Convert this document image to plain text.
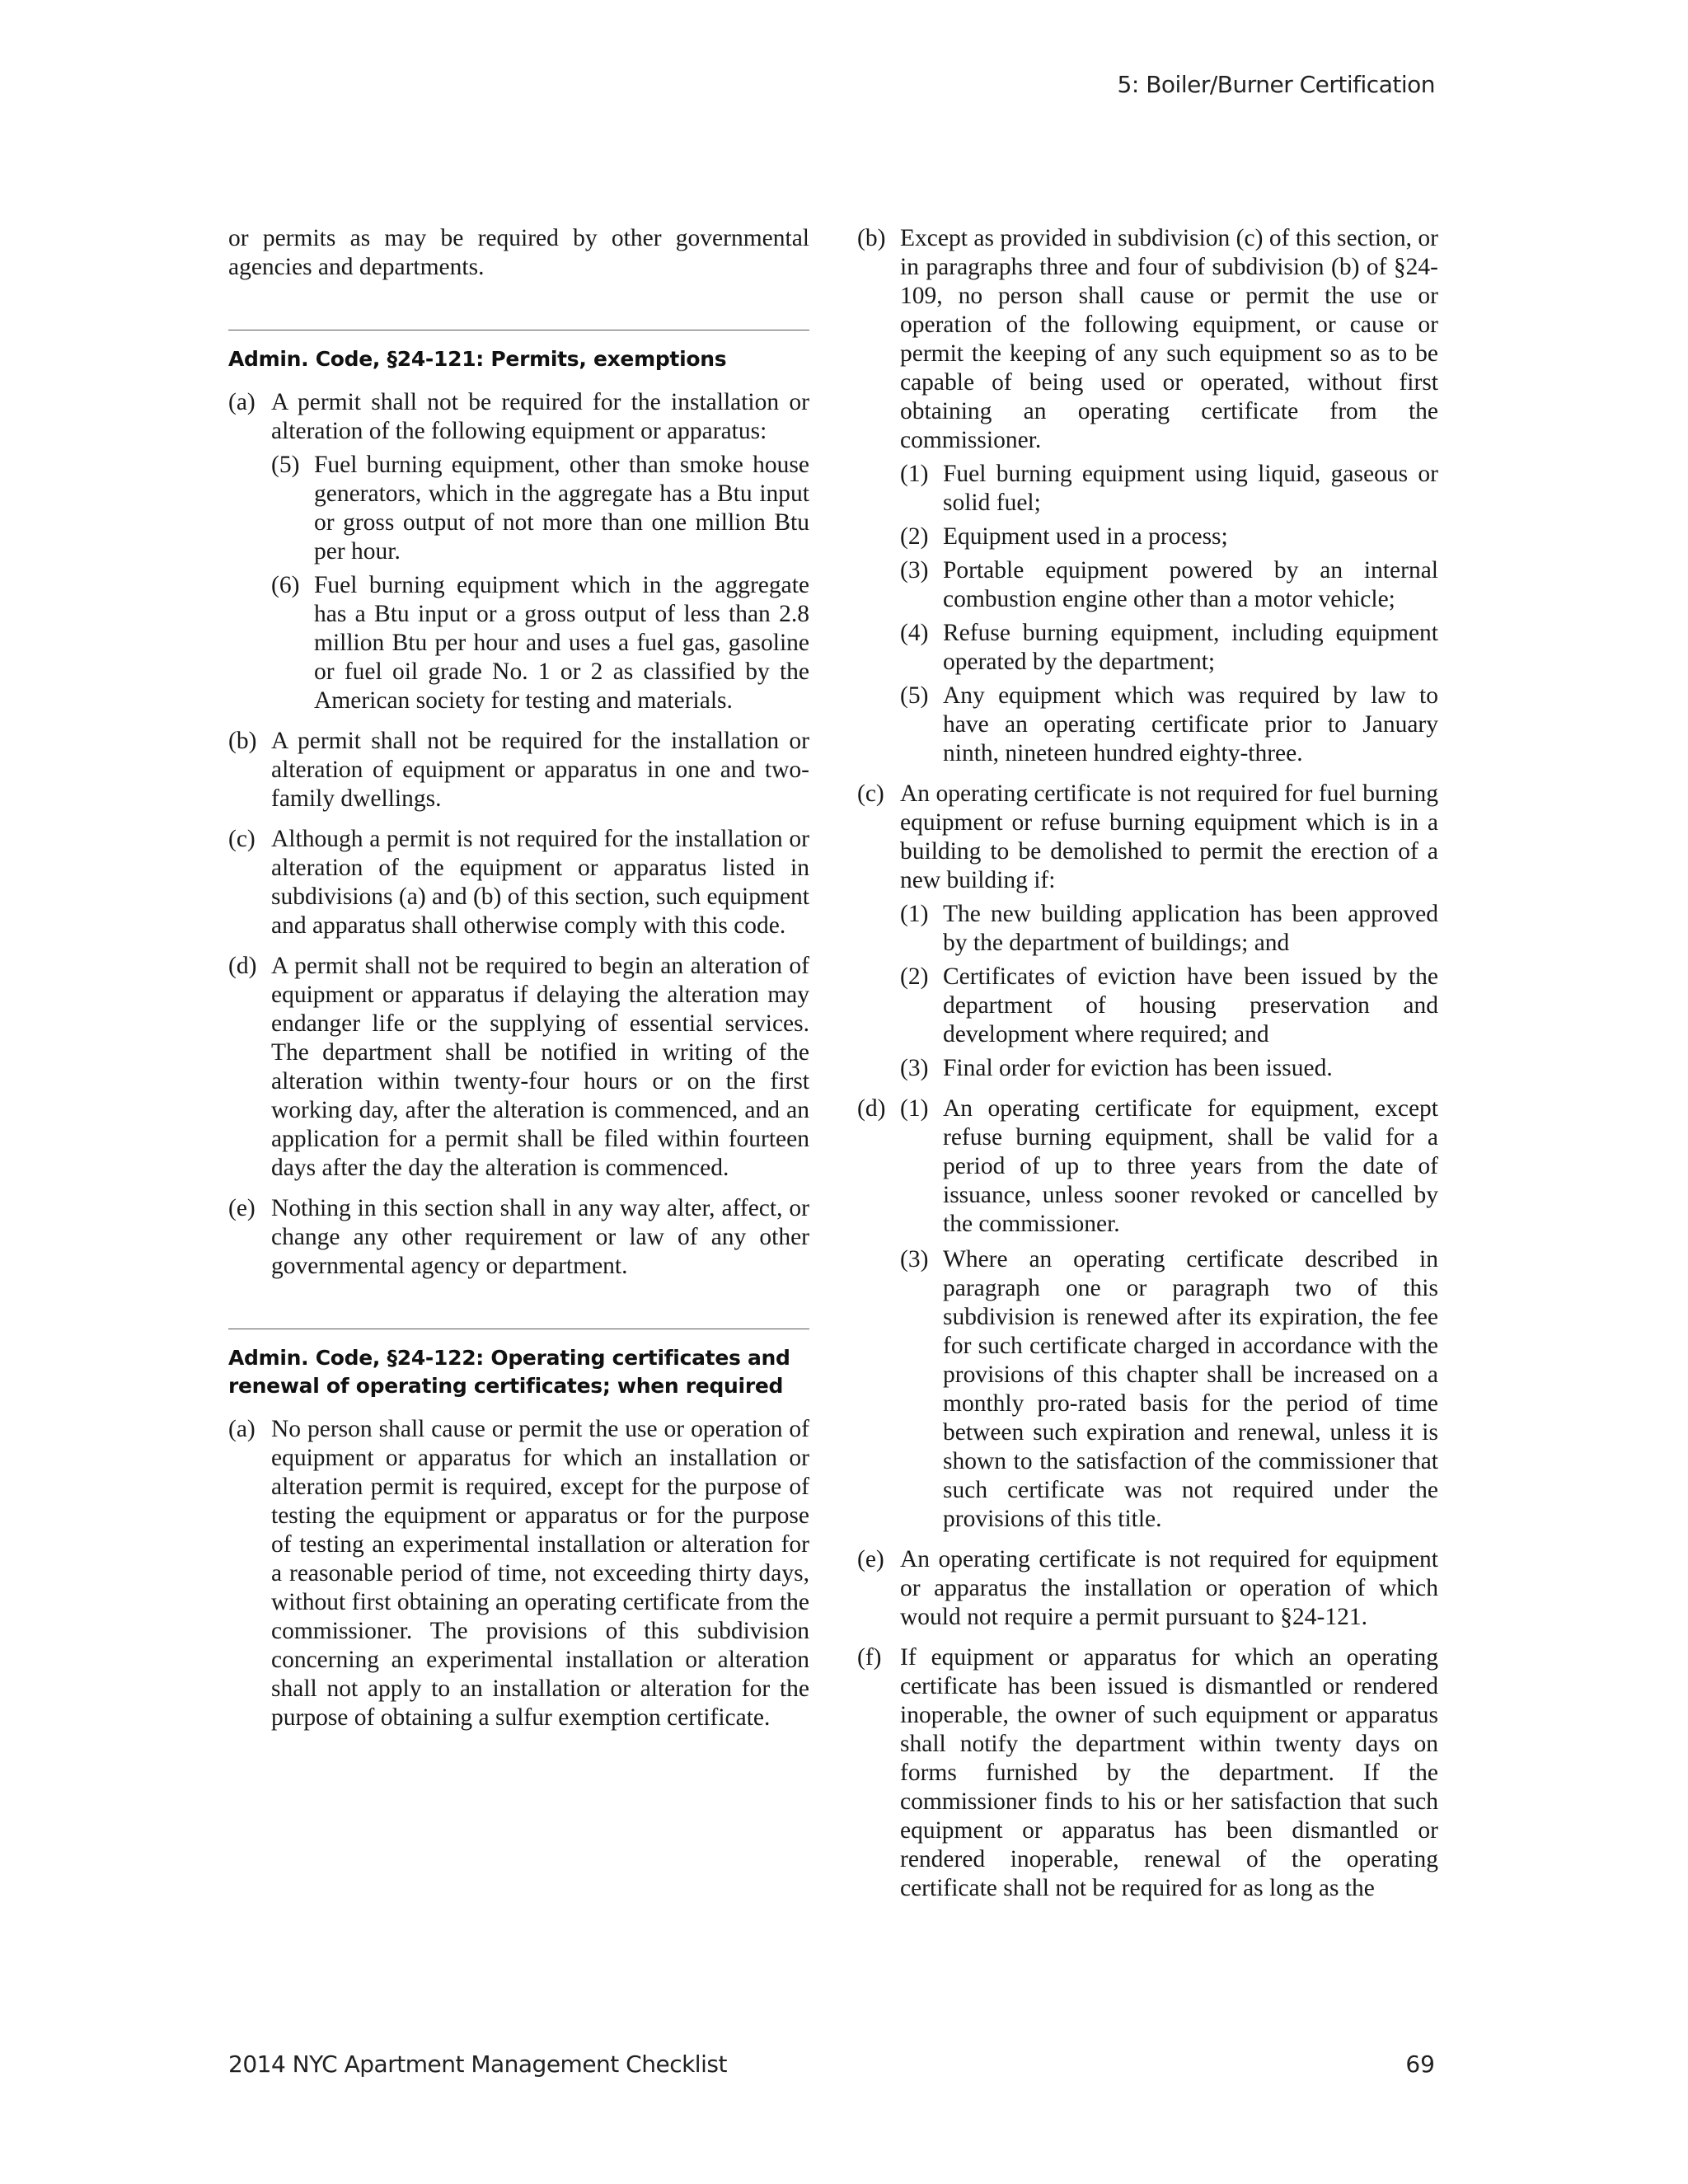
5: Boiler/Burner Certification

or permits as may be required by other governmental agencies and departments.

Admin. Code, §24-121: Permits, exemptions
(a) A permit shall not be required for the installation or alteration of the following equipment or apparatus:
(5) Fuel burning equipment, other than smoke house generators, which in the aggregate has a Btu input or gross output of not more than one million Btu per hour.
(6) Fuel burning equipment which in the aggregate has a Btu input or a gross output of less than 2.8 million Btu per hour and uses a fuel gas, gasoline or fuel oil grade No. 1 or 2 as classified by the American society for testing and materials.
(b) A permit shall not be required for the installation or alteration of equipment or apparatus in one and two-family dwellings.
(c) Although a permit is not required for the installation or alteration of the equipment or apparatus listed in subdivisions (a) and (b) of this section, such equipment and apparatus shall otherwise comply with this code.
(d) A permit shall not be required to begin an alteration of equipment or apparatus if delaying the alteration may endanger life or the supplying of essential services. The department shall be notified in writing of the alteration within twenty-four hours or on the first working day, after the alteration is commenced, and an application for a permit shall be filed within fourteen days after the day the alteration is commenced.
(e) Nothing in this section shall in any way alter, affect, or change any other requirement or law of any other governmental agency or department.
Admin. Code, §24-122: Operating certificates and renewal of operating certificates; when required
(a) No person shall cause or permit the use or operation of equipment or apparatus for which an installation or alteration permit is required, except for the purpose of testing the equipment or apparatus or for the purpose of testing an experimental installation or alteration for a reasonable period of time, not exceeding thirty days, without first obtaining an operating certificate from the commissioner. The provisions of this subdivision concerning an experimental installation or alteration shall not apply to an installation or alteration for the purpose of obtaining a sulfur exemption certificate.
(b) Except as provided in subdivision (c) of this section, or in paragraphs three and four of subdivision (b) of §24-109, no person shall cause or permit the use or operation of the following equipment, or cause or permit the keeping of any such equipment so as to be capable of being used or operated, without first obtaining an operating certificate from the commissioner.
(1) Fuel burning equipment using liquid, gaseous or solid fuel;
(2) Equipment used in a process;
(3) Portable equipment powered by an internal combustion engine other than a motor vehicle;
(4) Refuse burning equipment, including equipment operated by the department;
(5) Any equipment which was required by law to have an operating certificate prior to January ninth, nineteen hundred eighty-three.
(c) An operating certificate is not required for fuel burning equipment or refuse burning equipment which is in a building to be demolished to permit the erection of a new building if:
(1) The new building application has been approved by the department of buildings; and
(2) Certificates of eviction have been issued by the department of housing preservation and development where required; and
(3) Final order for eviction has been issued.
(d) (1) An operating certificate for equipment, except refuse burning equipment, shall be valid for a period of up to three years from the date of issuance, unless sooner revoked or cancelled by the commissioner.
(3) Where an operating certificate described in paragraph one or paragraph two of this subdivision is renewed after its expiration, the fee for such certificate charged in accordance with the provisions of this chapter shall be increased on a monthly pro-rated basis for the period of time between such expiration and renewal, unless it is shown to the satisfaction of the commissioner that such certificate was not required under the provisions of this title.
(e) An operating certificate is not required for equipment or apparatus the installation or operation of which would not require a permit pursuant to §24-121.
(f) If equipment or apparatus for which an operating certificate has been issued is dismantled or rendered inoperable, the owner of such equipment or apparatus shall notify the department within twenty days on forms furnished by the department. If the commissioner finds to his or her satisfaction that such equipment or apparatus has been dismantled or rendered inoperable, renewal of the operating certificate shall not be required for as long as the
2014 NYC Apartment Management Checklist	69
